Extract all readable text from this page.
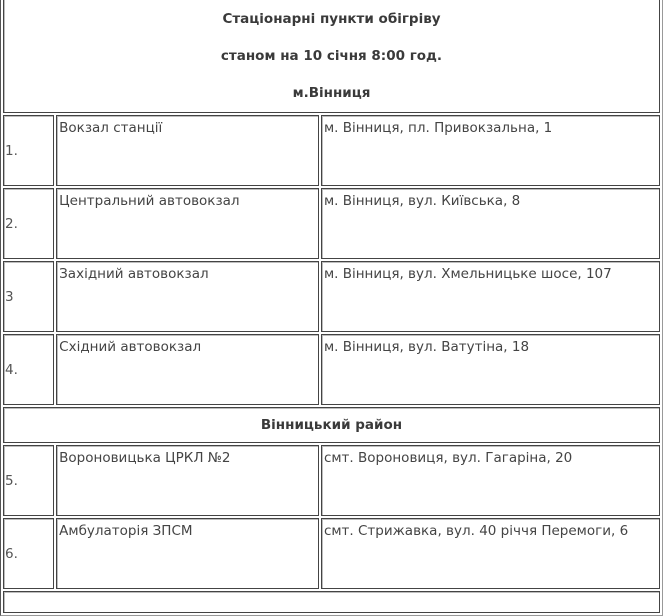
Стаціонарні пункти обігріву
станом на 10 січня 8:00 год.
м.Вінниця		

1.	Вокзал станції	м. Вінниця, пл. Привокзальна, 1
2.	Центральний автовокзал	м. Вінниця, вул. Київська, 8
3	Західний автовокзал	м. Вінниця, вул. Хмельницьке шосе, 107
4.	Східний автовокзал	м. Вінниця, вул. Ватутіна, 18
Вінницький район		
5.	Вороновицька ЦРКЛ №2	смт. Вороновиця, вул. Гагаріна, 20
6.	Амбулаторія ЗПСМ	смт. Стрижавка, вул. 40 річчя Перемоги, 6
